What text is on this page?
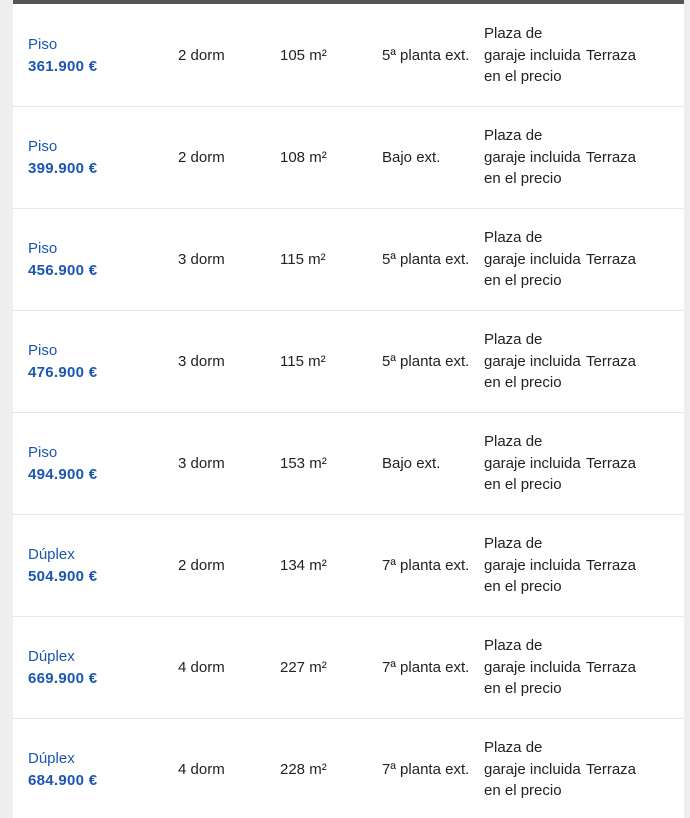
Piso
361.900 €
2 dorm	105 m²	5ª planta ext.
Plaza de garaje incluida en el precio
Terraza
Piso
399.900 €
2 dorm	108 m²	Bajo ext.
Plaza de garaje incluida en el precio
Terraza
Piso
456.900 €
3 dorm	115 m²	5ª planta ext.
Plaza de garaje incluida en el precio
Terraza
Piso
476.900 €
3 dorm	115 m²	5ª planta ext.
Plaza de garaje incluida en el precio
Terraza
Piso
494.900 €
3 dorm	153 m²	Bajo ext.
Plaza de garaje incluida en el precio
Terraza
Dúplex
504.900 €
2 dorm	134 m²	7ª planta ext.
Plaza de garaje incluida en el precio
Terraza
Dúplex
669.900 €
4 dorm	227 m²	7ª planta ext.
Plaza de garaje incluida en el precio
Terraza
Dúplex
684.900 €
4 dorm	228 m²	7ª planta ext.
Plaza de garaje incluida en el precio
Terraza
